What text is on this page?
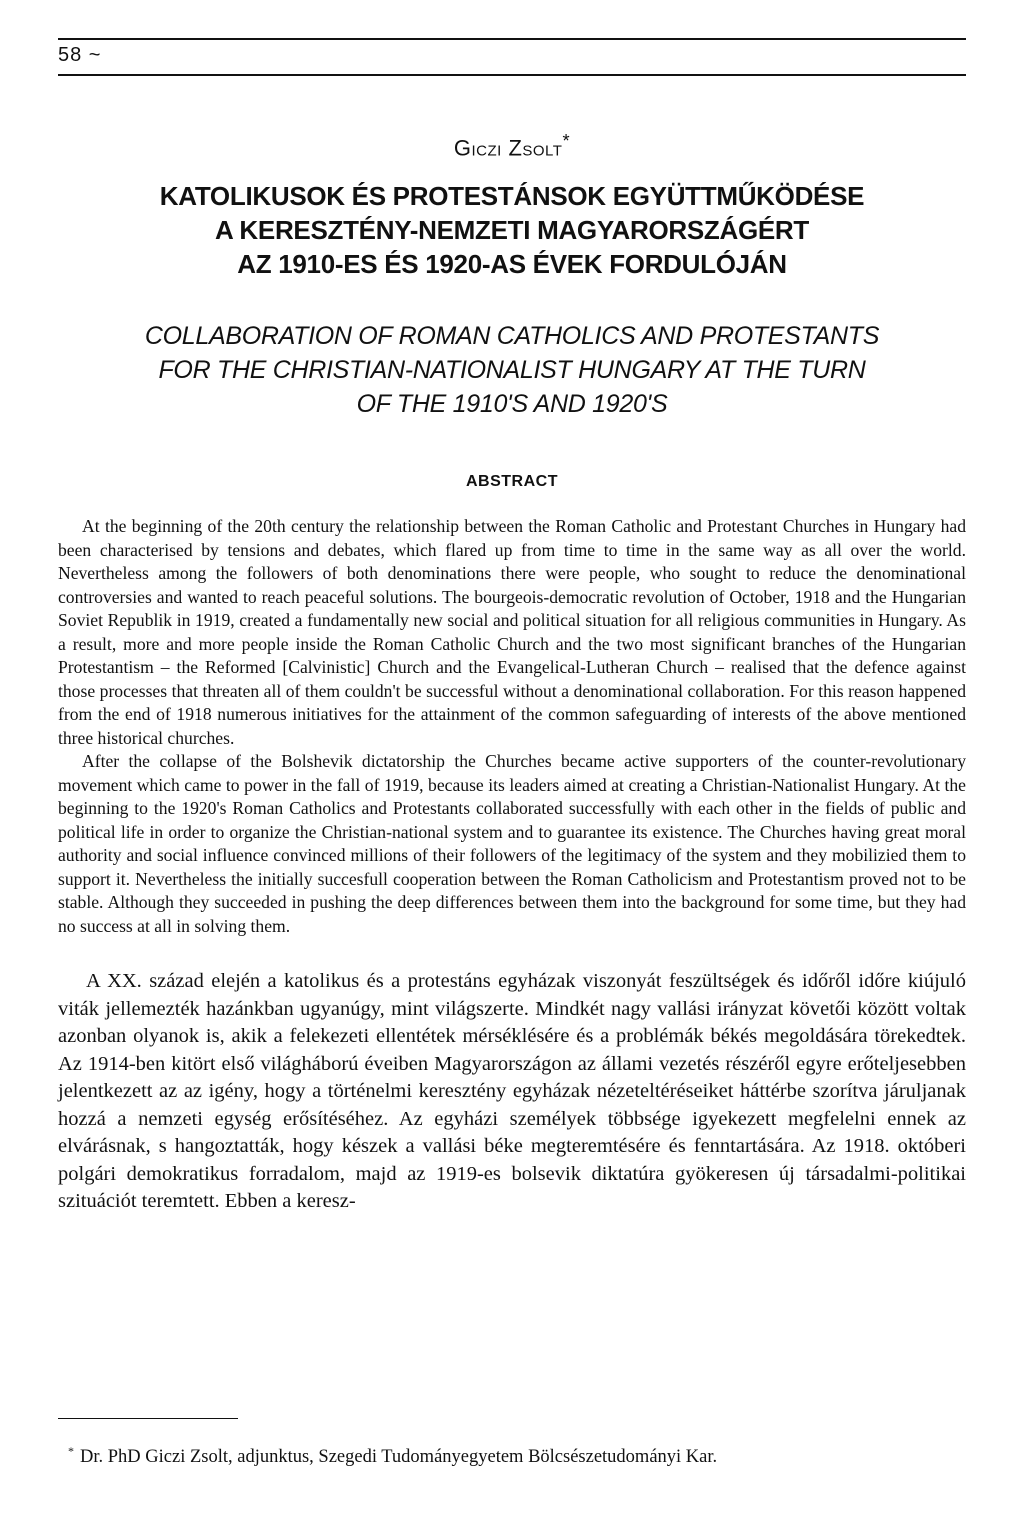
58 ~
Giczi Zsolt*
KATOLIKUSOK ÉS PROTESTÁNSOK EGYÜTTMŰKÖDÉSE
A KERESZTÉNY-NEMZETI MAGYARORSZÁGÉRT
AZ 1910-ES ÉS 1920-AS ÉVEK FORDULÓJÁN
COLLABORATION OF ROMAN CATHOLICS AND PROTESTANTS
FOR THE CHRISTIAN-NATIONALIST HUNGARY AT THE TURN
OF THE 1910'S AND 1920'S
ABSTRACT

At the beginning of the 20th century the relationship between the Roman Catholic and Protestant Churches in Hungary had been characterised by tensions and debates, which flared up from time to time in the same way as all over the world. Nevertheless among the followers of both denominations there were people, who sought to reduce the denominational controversies and wanted to reach peaceful solutions. The bourgeois-democratic revolution of October, 1918 and the Hungarian Soviet Republik in 1919, created a fundamentally new social and political situation for all religious communities in Hungary. As a result, more and more people inside the Roman Catholic Church and the two most significant branches of the Hungarian Protestantism – the Reformed [Calvinistic] Church and the Evangelical-Lutheran Church – realised that the defence against those processes that threaten all of them couldn't be successful without a denominational collaboration. For this reason happened from the end of 1918 numerous initiatives for the attainment of the common safeguarding of interests of the above mentioned three historical churches.

After the collapse of the Bolshevik dictatorship the Churches became active supporters of the counter-revolutionary movement which came to power in the fall of 1919, because its leaders aimed at creating a Christian-Nationalist Hungary. At the beginning to the 1920's Roman Catholics and Protestants collaborated successfully with each other in the fields of public and political life in order to organize the Christian-national system and to guarantee its existence. The Churches having great moral authority and social influence convinced millions of their followers of the legitimacy of the system and they mobilizied them to support it. Nevertheless the initially succesfull cooperation between the Roman Catholicism and Protestantism proved not to be stable. Although they succeeded in pushing the deep differences between them into the background for some time, but they had no success at all in solving them.

A XX. század elején a katolikus és a protestáns egyházak viszonyát feszültségek és időről időre kiújuló viták jellemezték hazánkban ugyanúgy, mint világszerte. Mindkét nagy vallási irányzat követői között voltak azonban olyanok is, akik a felekezeti ellentétek mérséklésére és a problémák békés megoldására törekedtek. Az 1914-ben kitört első világháború éveiben Magyarországon az állami vezetés részéről egyre erőteljesebben jelentkezett az az igény, hogy a történelmi keresztény egyházak nézeteltéréseiket háttérbe szorítva járuljanak hozzá a nemzeti egység erősítéséhez. Az egyházi személyek többsége igyekezett megfelelni ennek az elvárásnak, s hangoztatták, hogy készek a vallási béke megteremtésére és fenntartására. Az 1918. októberi polgári demokratikus forradalom, majd az 1919-es bolsevik diktatúra gyökeresen új társadalmi-politikai szituációt teremtett. Ebben a keresz-

* Dr. PhD Giczi Zsolt, adjunktus, Szegedi Tudományegyetem Bölcsészetudományi Kar.
